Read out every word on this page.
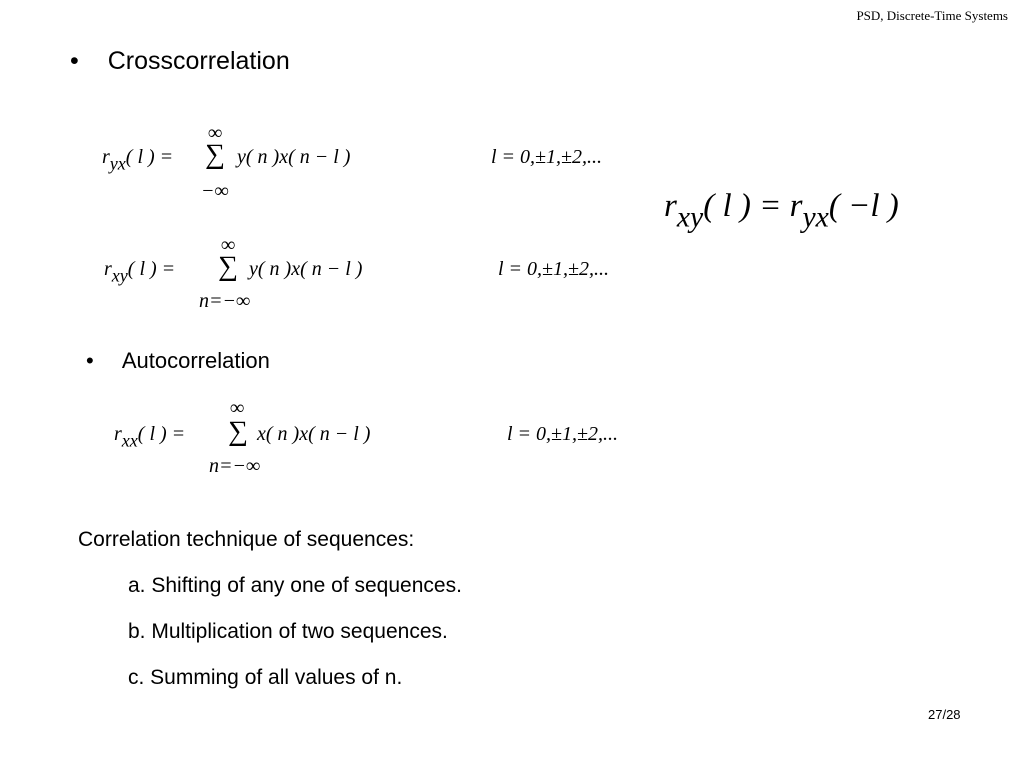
PSD, Discrete-Time Systems
• Crosscorrelation
$r_{yx}$( l ) =
∞
∑
−∞
y( n )x( n − l )	l = 0,±1,±2,...
$r_{xy}$( l ) = $r_{yx}( -l$ )
$r_{xy}$( l ) =
∞
∑
n=−∞
y( n )x( n − l )	l = 0,±1,±2,...
• Autocorrelation
$r_{xx}$( l ) =
∞
∑
n=−∞
x( n )x( n − l )	l = 0,±1,±2,...
Correlation technique of sequences:
a. Shifting of any one of sequences.
b. Multiplication of two sequences.
c. Summing of all values of n.
27/28
